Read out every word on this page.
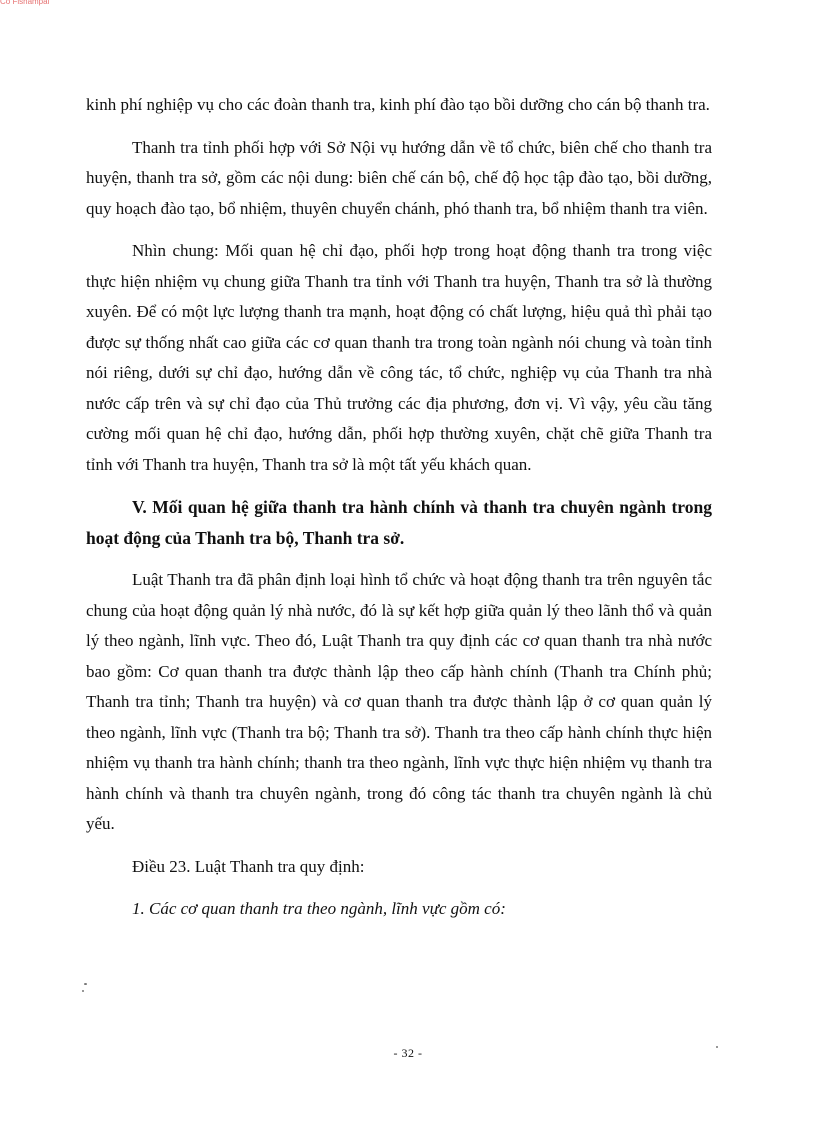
Có Fishampal

kinh phí nghiệp vụ cho các đoàn thanh tra, kinh phí đào tạo bồi dưỡng cho cán bộ thanh tra.

Thanh tra tỉnh phối hợp với Sở Nội vụ hướng dẫn về tổ chức, biên chế cho thanh tra huyện, thanh tra sở, gồm các nội dung: biên chế cán bộ, chế độ học tập đào tạo, bồi dưỡng, quy hoạch đào tạo, bổ nhiệm, thuyên chuyển chánh, phó thanh tra, bổ nhiệm thanh tra viên.

Nhìn chung: Mối quan hệ chỉ đạo, phối hợp trong hoạt động thanh tra trong việc thực hiện nhiệm vụ chung giữa Thanh tra tỉnh với Thanh tra huyện, Thanh tra sở là thường xuyên. Để có một lực lượng thanh tra mạnh, hoạt động có chất lượng, hiệu quả thì phải tạo được sự thống nhất cao giữa các cơ quan thanh tra trong toàn ngành nói chung và toàn tỉnh nói riêng, dưới sự chỉ đạo, hướng dẫn về công tác, tổ chức, nghiệp vụ của Thanh tra nhà nước cấp trên và sự chỉ đạo của Thủ trưởng các địa phương, đơn vị. Vì vậy, yêu cầu tăng cường mối quan hệ chỉ đạo, hướng dẫn, phối hợp thường xuyên, chặt chẽ giữa Thanh tra tỉnh với Thanh tra huyện, Thanh tra sở là một tất yếu khách quan.

V. Mối quan hệ giữa thanh tra hành chính và thanh tra chuyên ngành trong hoạt động của Thanh tra bộ, Thanh tra sở.

Luật Thanh tra đã phân định loại hình tổ chức và hoạt động thanh tra trên nguyên tắc chung của hoạt động quản lý nhà nước, đó là sự kết hợp giữa quản lý theo lãnh thổ và quản lý theo ngành, lĩnh vực. Theo đó, Luật Thanh tra quy định các cơ quan thanh tra nhà nước bao gồm: Cơ quan thanh tra được thành lập theo cấp hành chính (Thanh tra Chính phủ; Thanh tra tỉnh; Thanh tra huyện) và cơ quan thanh tra được thành lập ở cơ quan quản lý theo ngành, lĩnh vực (Thanh tra bộ; Thanh tra sở). Thanh tra theo cấp hành chính thực hiện nhiệm vụ thanh tra hành chính; thanh tra theo ngành, lĩnh vực thực hiện nhiệm vụ thanh tra hành chính và thanh tra chuyên ngành, trong đó công tác thanh tra chuyên ngành là chủ yếu.

Điều 23. Luật Thanh tra quy định:

1. Các cơ quan thanh tra theo ngành, lĩnh vực gồm có:

- 32 -
